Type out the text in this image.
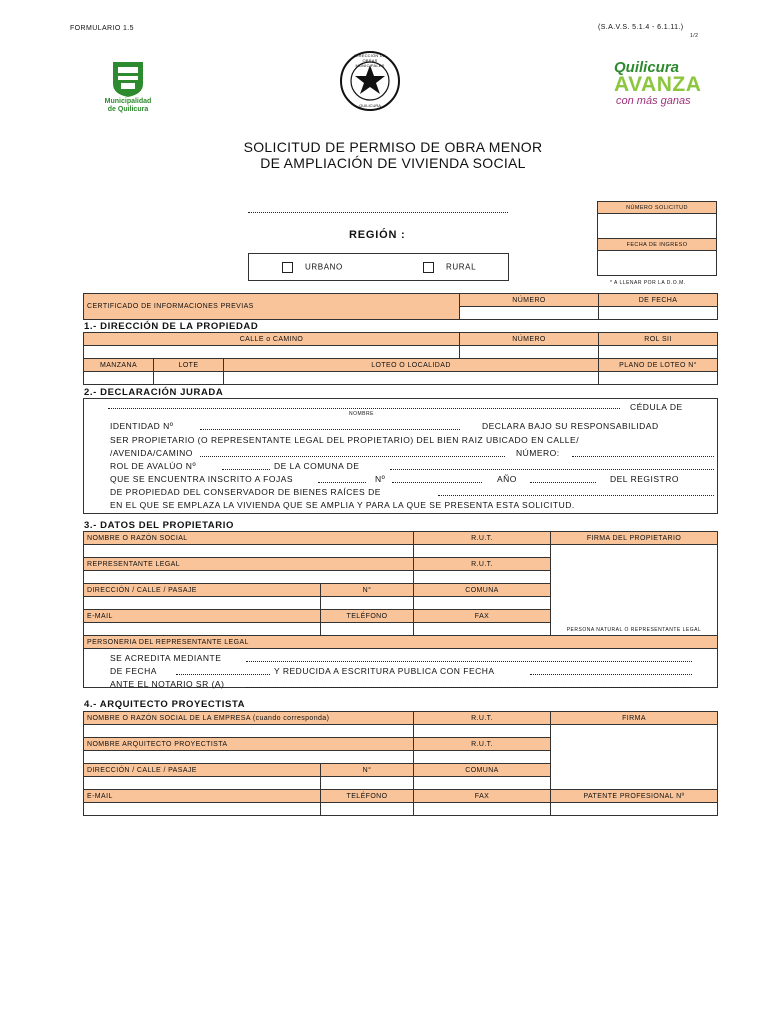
FORMULARIO 1.5	(S.A.V.S. 5.1.4 - 6.1.11.)
1/2
Municipalidad
de Quilicura
DIRECCIÓN DE OBRAS MUNICIPALES
QUILICURA
Quilicura
AVANZA
con más ganas
SOLICITUD DE PERMISO DE OBRA MENOR
DE AMPLIACIÓN DE VIVIENDA SOCIAL
REGIÓN :
URBANO	RURAL
NÚMERO SOLICITUD

FECHA DE INGRESO

* A LLENAR POR LA D.O.M.
CERTIFICADO DE INFORMACIONES PREVIAS	NÚMERO	DE FECHA

1.- DIRECCIÓN DE LA PROPIEDAD
CALLE o CAMINO			NÚMERO	ROL SII

MANZANA	LOTE	LOTEO O LOCALIDAD		PLANO DE LOTEO N°

2.- DECLARACIÓN JURADA
CÉDULA DE
NOMBRE
IDENTIDAD Nº	DECLARA BAJO SU RESPONSABILIDAD
SER PROPIETARIO (O REPRESENTANTE LEGAL DEL PROPIETARIO) DEL BIEN RAIZ UBICADO EN CALLE/
/AVENIDA/CAMINO	NÚMERO:
ROL DE AVALÚO Nº	DE LA COMUNA DE
QUE SE ENCUENTRA INSCRITO A FOJAS	Nº	AÑO	DEL REGISTRO
DE PROPIEDAD DEL CONSERVADOR DE BIENES RAÍCES DE
EN EL QUE SE EMPLAZA LA VIVIENDA QUE SE AMPLIA Y PARA LA QUE SE PRESENTA ESTA SOLICITUD.
3.- DATOS DEL PROPIETARIO
NOMBRE O RAZÓN SOCIAL		R.U.T.	FIRMA DEL PROPIETARIO

			PERSONA NATURAL O REPRESENTANTE LEGAL

REPRESENTANTE LEGAL		R.U.T.	

DIRECCIÓN / CALLE / PASAJE	N°	COMUNA	

E-MAIL	TELÉFONO	FAX	

PERSONERIA DEL REPRESENTANTE LEGAL			

SE ACREDITA MEDIANTE
DE FECHA	Y REDUCIDA A ESCRITURA PUBLICA CON FECHA
ANTE EL NOTARIO SR (A)
4.- ARQUITECTO PROYECTISTA
NOMBRE O RAZÓN SOCIAL DE LA EMPRESA (cuando corresponda)		R.U.T.	FIRMA

NOMBRE ARQUITECTO PROYECTISTA		R.U.T.	

DIRECCIÓN / CALLE / PASAJE	N°	COMUNA	

E-MAIL	TELÉFONO	FAX	PATENTE PROFESIONAL Nº
